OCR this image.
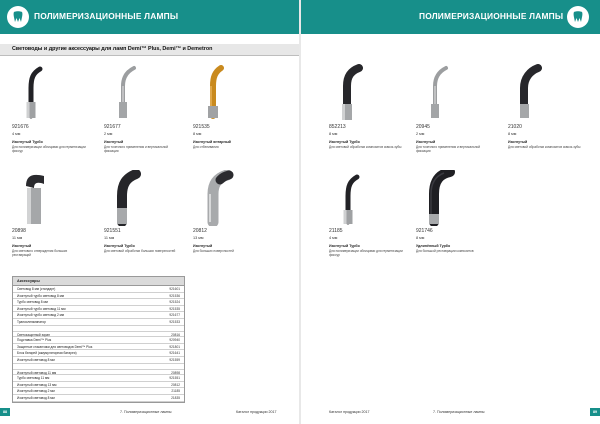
ПОЛИМЕРИЗАЦИОННЫЕ ЛАМПЫ
Световоды и другие аксессуары для ламп Demi™ Plus, Demi™ и Demetron
921676
4 мм
Изогнутый Турбо
Для полимеризации облицовки для герметизации фиссур
921677
2 мм
Изогнутый
Для точечного применения и вертикальной фиксации
921535
8 мм
Изогнутый янтарный
Для отбеливания
20898
11 мм
Изогнутый
Для светового отверждения больших реставраций
921551
11 мм
Изогнутый Турбо
Для световой обработки больших поверхностей
20812
13 мм
Изогнутый
Для больших поверхностей
Аксессуары
Световод 8 мм (стандарт)	921601
Изогнутый турбо световод 8 мм	921536
Турбо световод 8 мм	921524
Изогнутый турбо световод 11 мм	921535
Изогнутый турбо световод 2 мм	921677
Трансиллюминатор	921533
Светозащитный экран	20816
Подставка Demi™ Plus	920940
Защитные стаканчики для световодов Demi™ Plus	921801
Блок батарей (аккумуляторная батарея)	921641
Изогнутый световод 8 мм	921559
Изогнутый световод 11 мм	20898
Турбо световод 11 мм	921551
Изогнутый световод 13 мм	20812
Изогнутый световод 2 мм	21185
Изогнутый световод 8 мм	21835
88	7. Полимеризационные лампы	Каталог продукции 2017
ПОЛИМЕРИЗАЦИОННЫЕ ЛАМПЫ
852213
8 мм
Изогнутый Турбо
Для световой обработки композитов сквозь зубы
20945
2 мм
Изогнутый
Для точечного применения и вертикальной фиксации
21020
8 мм
Изогнутый
Для световой обработки композитов сквозь зубы
21185
4 мм
Изогнутый Турбо
Для полимеризации облицовки для герметизации фиссур
921746
8 мм
Удлинённый Турбо
Для большой реставрации композитов
Каталог продукции 2017	7. Полимеризационные лампы	89
